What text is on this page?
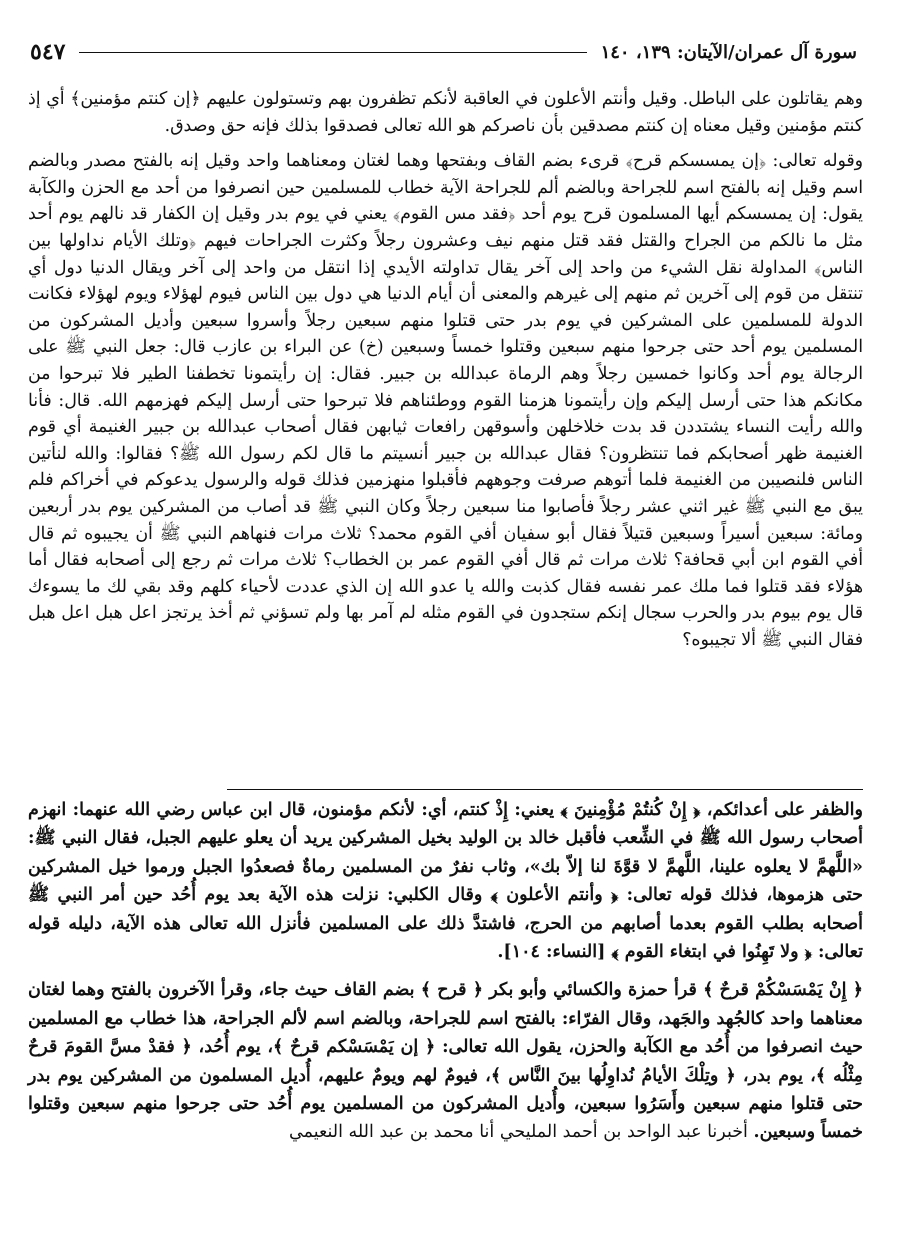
سورة آل عمران/الآيتان: ١٣٩، ١٤٠
٥٤٧

وهم يقاتلون على الباطل. وقيل وأنتم الأعلون في العاقبة لأنكم تظفرون بهم وتستولون عليهم ﴿إن كنتم مؤمنين﴾ أي إذ كنتم مؤمنين وقيل معناه إن كنتم مصدقين بأن ناصركم هو الله تعالى فصدقوا بذلك فإنه حق وصدق.

وقوله تعالى: ﴿إن يمسسكم قرح﴾ قرىء بضم القاف وبفتحها وهما لغتان ومعناهما واحد وقيل إنه بالفتح مصدر وبالضم اسم وقيل إنه بالفتح اسم للجراحة وبالضم ألم للجراحة الآية خطاب للمسلمين حين انصرفوا من أحد مع الحزن والكآبة يقول: إن يمسسكم أيها المسلمون قرح يوم أحد ﴿فقد مس القوم﴾ يعني في يوم بدر وقيل إن الكفار قد نالهم يوم أحد مثل ما نالكم من الجراح والقتل فقد قتل منهم نيف وعشرون رجلاً وكثرت الجراحات فيهم ﴿وتلك الأيام نداولها بين الناس﴾ المداولة نقل الشيء من واحد إلى آخر يقال تداولته الأيدي إذا انتقل من واحد إلى آخر ويقال الدنيا دول أي تنتقل من قوم إلى آخرين ثم منهم إلى غيرهم والمعنى أن أيام الدنيا هي دول بين الناس فيوم لهؤلاء ويوم لهؤلاء فكانت الدولة للمسلمين على المشركين في يوم بدر حتى قتلوا منهم سبعين رجلاً وأسروا سبعين وأديل المشركون من المسلمين يوم أحد حتى جرحوا منهم سبعين وقتلوا خمساً وسبعين (خ) عن البراء بن عازب قال: جعل النبي ﷺ على الرجالة يوم أحد وكانوا خمسين رجلاً وهم الرماة عبدالله بن جبير. فقال: إن رأيتمونا تخطفنا الطير فلا تبرحوا من مكانكم هذا حتى أرسل إليكم وإن رأيتمونا هزمنا القوم ووطئناهم فلا تبرحوا حتى أرسل إليكم فهزمهم الله. قال: فأنا والله رأيت النساء يشتددن قد بدت خلاخلهن وأسوقهن رافعات ثيابهن فقال أصحاب عبدالله بن جبير الغنيمة أي قوم الغنيمة ظهر أصحابكم فما تنتظرون؟ فقال عبدالله بن جبير أنسيتم ما قال لكم رسول الله ﷺ؟ فقالوا: والله لنأتين الناس فلنصيبن من الغنيمة فلما أتوهم صرفت وجوههم فأقبلوا منهزمين فذلك قوله والرسول يدعوكم في أخراكم فلم يبق مع النبي ﷺ غير اثني عشر رجلاً فأصابوا منا سبعين رجلاً وكان النبي ﷺ قد أصاب من المشركين يوم بدر أربعين ومائة: سبعين أسيراً وسبعين قتيلاً فقال أبو سفيان أفي القوم محمد؟ ثلاث مرات فنهاهم النبي ﷺ أن يجيبوه ثم قال أفي القوم ابن أبي قحافة؟ ثلاث مرات ثم قال أفي القوم عمر بن الخطاب؟ ثلاث مرات ثم رجع إلى أصحابه فقال أما هؤلاء فقد قتلوا فما ملك عمر نفسه فقال كذبت والله يا عدو الله إن الذي عددت لأحياء كلهم وقد بقي لك ما يسوءك قال يوم بيوم بدر والحرب سجال إنكم ستجدون في القوم مثله لم آمر بها ولم تسؤني ثم أخذ يرتجز اعل هبل اعل هبل فقال النبي ﷺ ألا تجيبوه؟

والظفر على أعدائكم، ﴿ إِنْ كُنتُمْ مُؤْمِنينَ ﴾ يعني: إِذْ كنتم، أي: لأنكم مؤمنون، قال ابن عباس رضي الله عنهما: انهزم أصحاب رسول الله ﷺ في الشِّعب فأقبل خالد بن الوليد بخيل المشركين يريد أن يعلو عليهم الجبل، فقال النبي ﷺ: «اللَّهمَّ لا يعلوه علينا، اللَّهمَّ لا قوَّةَ لنا إلاّ بك»، وثاب نفرٌ من المسلمين رماةٌ فصعدُوا الجبل ورموا خيل المشركين حتى هزموها، فذلك قوله تعالى: ﴿ وأنتم الأعلون ﴾ وقال الكلبي: نزلت هذه الآية بعد يوم أُحُد حين أمر النبي ﷺ أصحابه بطلب القوم بعدما أصابهم من الحرج، فاشتدَّ ذلك على المسلمين فأنزل الله تعالى هذه الآية، دليله قوله تعالى: ﴿ ولا تَهِنُوا في ابتغاء القوم ﴾ [النساء: ١٠٤].

﴿ إِنْ يَمْسَسْكُمْ قرحٌ ﴾ قرأ حمزة والكسائي وأبو بكر ﴿ قرح ﴾ بضم القاف حيث جاء، وقرأ الآخرون بالفتح وهما لغتان معناهما واحد كالجُهد والجَهد، وقال الفرّاء: بالفتح اسم للجراحة، وبالضم اسم لألم الجراحة، هذا خطاب مع المسلمين حيث انصرفوا من أُحُد مع الكآبة والحزن، يقول الله تعالى: ﴿ إن يَمْسَسْكم قرحٌ ﴾، يوم أُحُد، ﴿ فقدْ مسَّ القومَ قرحٌ مِثْلُه ﴾، يوم بدر، ﴿ وتِلْكَ الأيامُ نُداوِلُها بينَ النَّاس ﴾، فيومٌ لهم ويومٌ عليهم، أُديل المسلمون من المشركين يوم بدر حتى قتلوا منهم سبعين وأَسَرُوا سبعين، وأُديل المشركون من المسلمين يوم أُحُد حتى جرحوا منهم سبعين وقتلوا خمساً وسبعين. أخبرنا عبد الواحد بن أحمد المليحي أنا محمد بن عبد الله النعيمي
